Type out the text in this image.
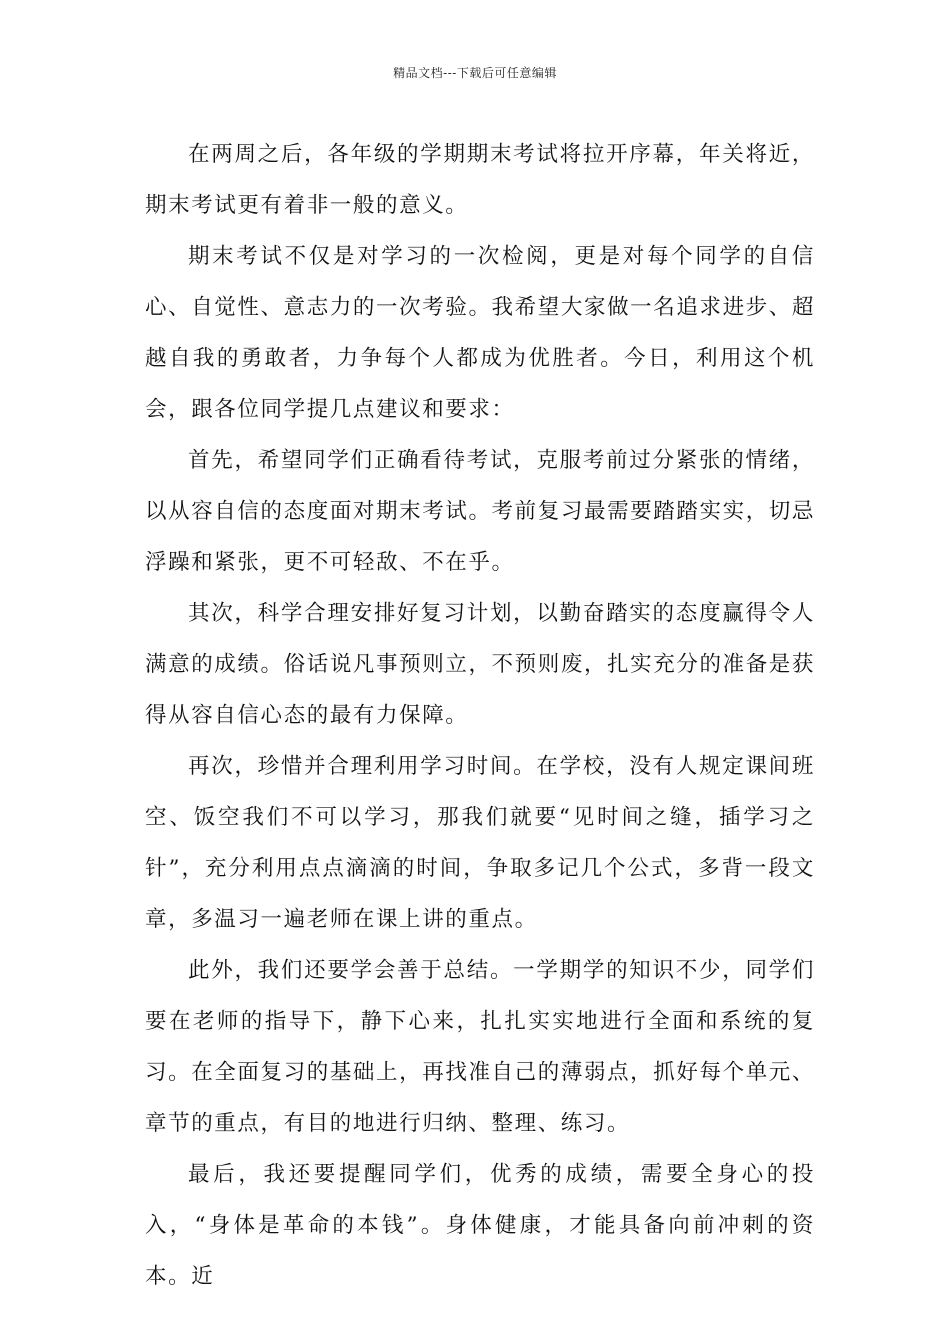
精品文档---下载后可任意编辑

在两周之后，各年级的学期期末考试将拉开序幕，年关将近，期末考试更有着非一般的意义。

期末考试不仅是对学习的一次检阅，更是对每个同学的自信心、自觉性、意志力的一次考验。我希望大家做一名追求进步、超越自我的勇敢者，力争每个人都成为优胜者。今日，利用这个机会，跟各位同学提几点建议和要求：

首先，希望同学们正确看待考试，克服考前过分紧张的情绪，以从容自信的态度面对期末考试。考前复习最需要踏踏实实，切忌浮躁和紧张，更不可轻敌、不在乎。

其次，科学合理安排好复习计划，以勤奋踏实的态度赢得令人满意的成绩。俗话说凡事预则立，不预则废，扎实充分的准备是获得从容自信心态的最有力保障。

再次，珍惜并合理利用学习时间。在学校，没有人规定课间班空、饭空我们不可以学习，那我们就要“见时间之缝，插学习之针”，充分利用点点滴滴的时间，争取多记几个公式，多背一段文章，多温习一遍老师在课上讲的重点。

此外，我们还要学会善于总结。一学期学的知识不少，同学们要在老师的指导下，静下心来，扎扎实实地进行全面和系统的复习。在全面复习的基础上，再找准自己的薄弱点，抓好每个单元、章节的重点，有目的地进行归纳、整理、练习。

最后，我还要提醒同学们，优秀的成绩，需要全身心的投入，“身体是革命的本钱”。身体健康，才能具备向前冲刺的资本。近
